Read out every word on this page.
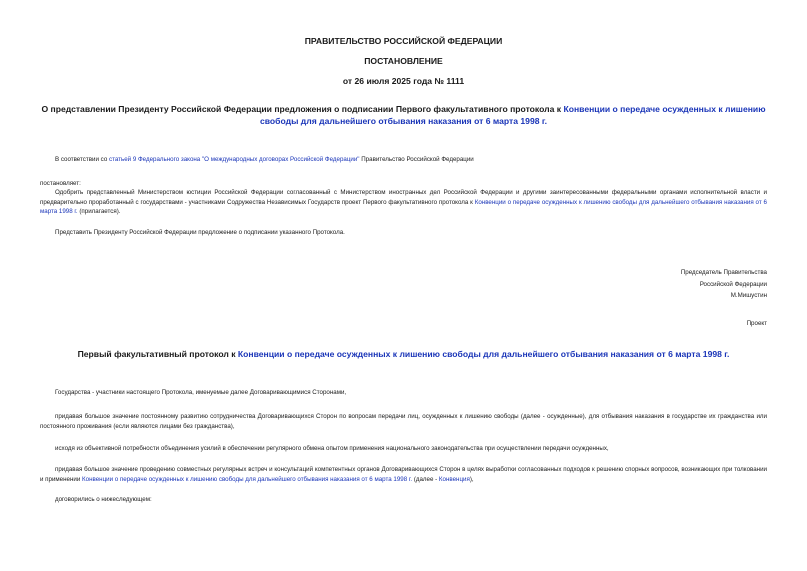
ПРАВИТЕЛЬСТВО РОССИЙСКОЙ ФЕДЕРАЦИИ
ПОСТАНОВЛЕНИЕ
от 26 июля 2025 года № 1111
О представлении Президенту Российской Федерации предложения о подписании Первого факультативного протокола к Конвенции о передаче осужденных к лишению свободы для дальнейшего отбывания наказания от 6 марта 1998 г.
В соответствии со статьей 9 Федерального закона "О международных договорах Российской Федерации" Правительство Российской Федерации
постановляет:
Одобрить представленный Министерством юстиции Российской Федерации согласованный с Министерством иностранных дел Российской Федерации и другими заинтересованными федеральными органами исполнительной власти и предварительно проработанный с государствами - участниками Содружества Независимых Государств проект Первого факультативного протокола к Конвенции о передаче осужденных к лишению свободы для дальнейшего отбывания наказания от 6 марта 1998 г. (прилагается).
Представить Президенту Российской Федерации предложение о подписании указанного Протокола.
Председатель Правительства
Российской Федерации
М.Мишустин
Проект
Первый факультативный протокол к Конвенции о передаче осужденных к лишению свободы для дальнейшего отбывания наказания от 6 марта 1998 г.
Государства - участники настоящего Протокола, именуемые далее Договаривающимися Сторонами,
придавая большое значение постоянному развитию сотрудничества Договаривающихся Сторон по вопросам передачи лиц, осужденных к лишению свободы (далее - осужденные), для отбывания наказания в государстве их гражданства или постоянного проживания (если являются лицами без гражданства),
исходя из объективной потребности объединения усилий в обеспечении регулярного обмена опытом применения национального законодательства при осуществлении передачи осужденных,
придавая большое значение проведению совместных регулярных встреч и консультаций компетентных органов Договаривающихся Сторон в целях выработки согласованных подходов к решению спорных вопросов, возникающих при толковании и применении Конвенции о передаче осужденных к лишению свободы для дальнейшего отбывания наказания от 6 марта 1998 г. (далее - Конвенция),
договорились о нижеследующем:
